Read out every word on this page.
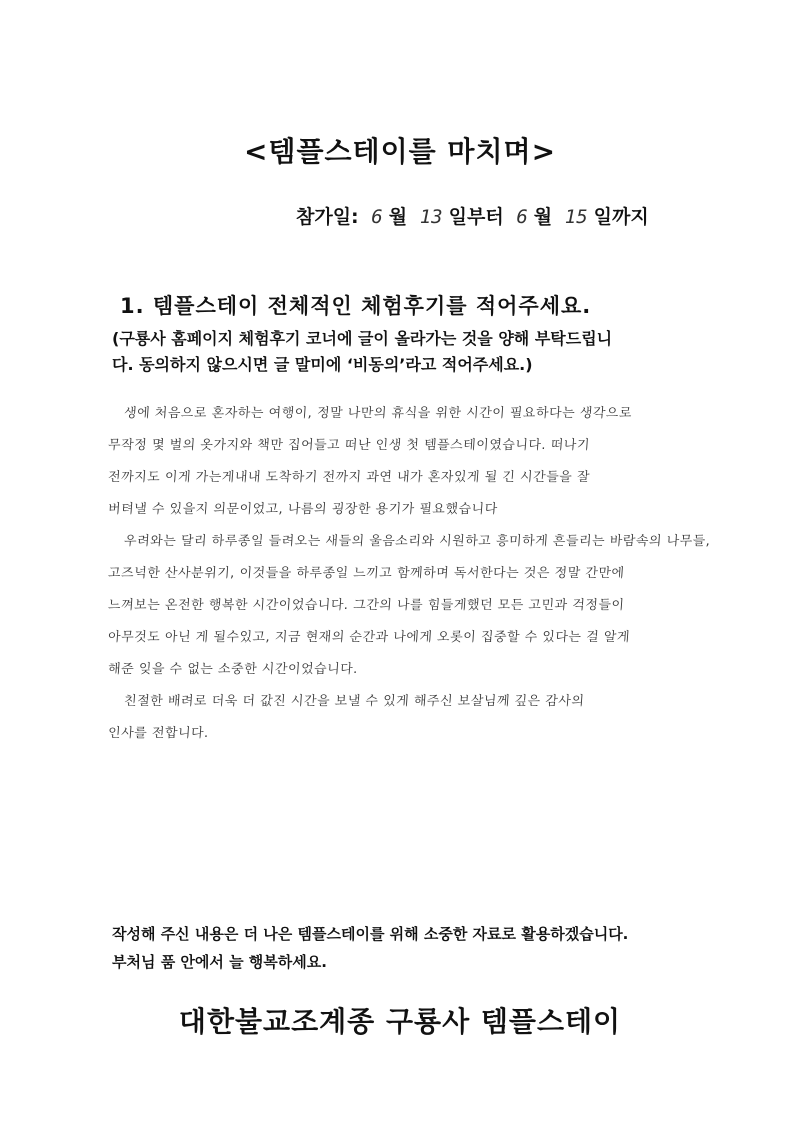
<템플스테이를 마치며>
참가일: 6 월 13 일부터 6 월 15 일까지
1. 템플스테이 전체적인 체험후기를 적어주세요.
(구룡사 홈페이지 체험후기 코너에 글이 올라가는 것을 양해 부탁드립니
다. 동의하지 않으시면 글 말미에 ‘비동의’라고 적어주세요.)
생에 처음으로 혼자하는 여행이, 정말 나만의 휴식을 위한 시간이 필요하다는 생각으로
무작정 몇 벌의 옷가지와 책만 집어들고 떠난 인생 첫 템플스테이였습니다. 떠나기
전까지도 이게 가는게내내 도착하기 전까지 과연 내가 혼자있게 될 긴 시간들을 잘
버텨낼 수 있을지 의문이었고, 나름의 굉장한 용기가 필요했습니다
우려와는 달리 하루종일 들려오는 새들의 울음소리와 시원하고 흥미하게 흔들리는 바람속의 나무들,
고즈넉한 산사분위기, 이것들을 하루종일 느끼고 함께하며 독서한다는 것은 정말 간만에
느껴보는 온전한 행복한 시간이었습니다. 그간의 나를 힘들게했던 모든 고민과 걱정들이
아무것도 아닌 게 될수있고, 지금 현재의 순간과 나에게 오롯이 집중할 수 있다는 걸 알게
해준 잊을 수 없는 소중한 시간이었습니다.
친절한 배려로 더욱 더 값진 시간을 보낼 수 있게 해주신 보살님께 깊은 감사의
인사를 전합니다.
작성해 주신 내용은 더 나은 템플스테이를 위해 소중한 자료로 활용하겠습니다.
부처님 품 안에서 늘 행복하세요.
대한불교조계종 구룡사 템플스테이
